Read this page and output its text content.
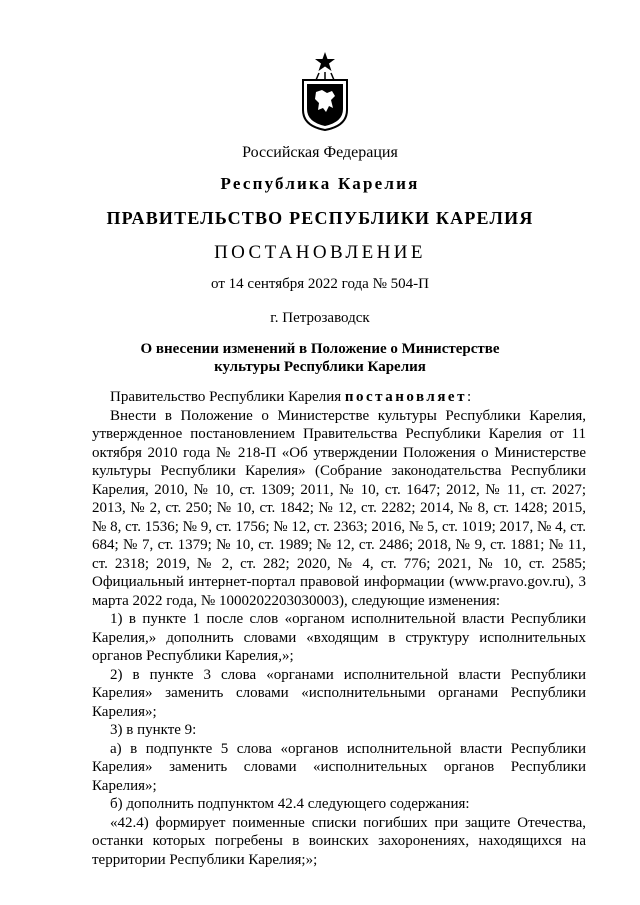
Российская Федерация
Республика Карелия
ПРАВИТЕЛЬСТВО РЕСПУБЛИКИ КАРЕЛИЯ
ПОСТАНОВЛЕНИЕ
от 14 сентября 2022 года № 504-П
г. Петрозаводск
О внесении изменений в Положение о Министерстве
культуры Республики Карелия

Правительство Республики Карелия постановляет:

Внести в Положение о Министерстве культуры Республики Карелия, утвержденное постановлением Правительства Республики Карелия от 11 октября 2010 года № 218-П «Об утверждении Положения о Министерстве культуры Республики Карелия» (Собрание законодательства Республики Карелия, 2010, № 10, ст. 1309; 2011, № 10, ст. 1647; 2012, № 11, ст. 2027; 2013, № 2, ст. 250; № 10, ст. 1842; № 12, ст. 2282; 2014, № 8, ст. 1428; 2015, № 8, ст. 1536; № 9, ст. 1756; № 12, ст. 2363; 2016, № 5, ст. 1019; 2017, № 4, ст. 684; № 7, ст. 1379; № 10, ст. 1989; № 12, ст. 2486; 2018, № 9, ст. 1881; № 11, ст. 2318; 2019, № 2, ст. 282; 2020, № 4, ст. 776; 2021, № 10, ст. 2585; Официальный интернет-портал правовой информации (www.pravo.gov.ru), 3 марта 2022 года, № 1000202203030003), следующие изменения:

1) в пункте 1 после слов «органом исполнительной власти Республики Карелия,» дополнить словами «входящим в структуру исполнительных органов Республики Карелия,»;

2) в пункте 3 слова «органами исполнительной власти Республики Карелия» заменить словами «исполнительными органами Республики Карелия»;

3) в пункте 9:

а) в подпункте 5 слова «органов исполнительной власти Республики Карелия» заменить словами «исполнительных органов Республики Карелия»;

б) дополнить подпунктом 42.4 следующего содержания:

«42.4) формирует поименные списки погибших при защите Отечества, останки которых погребены в воинских захоронениях, находящихся на территории Республики Карелия;»;
